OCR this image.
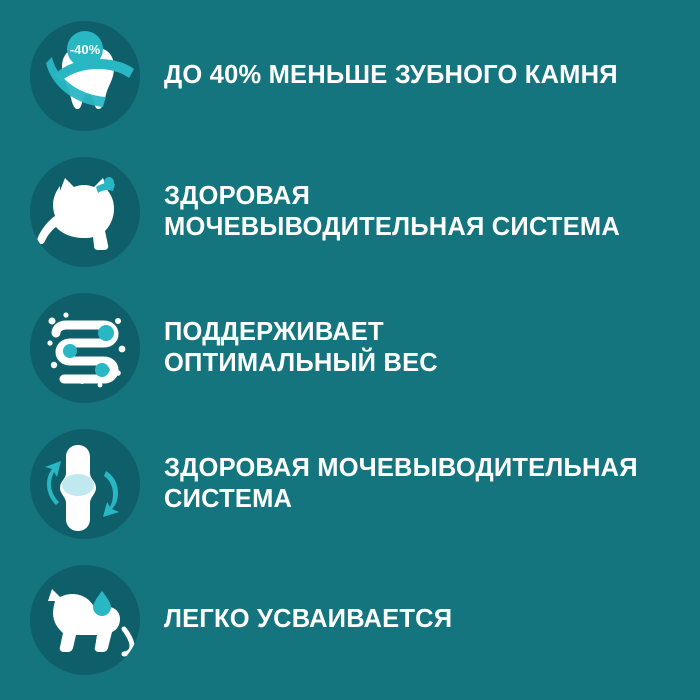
-40%
ДО 40% МЕНЬШЕ ЗУБНОГО КАМНЯ
ЗДОРОВАЯ
МОЧЕВЫВОДИТЕЛЬНАЯ СИСТЕМА
ПОДДЕРЖИВАЕТ
ОПТИМАЛЬНЫЙ ВЕС
ЗДОРОВАЯ МОЧЕВЫВОДИТЕЛЬНАЯ
СИСТЕМА
ЛЕГКО УСВАИВАЕТСЯ
